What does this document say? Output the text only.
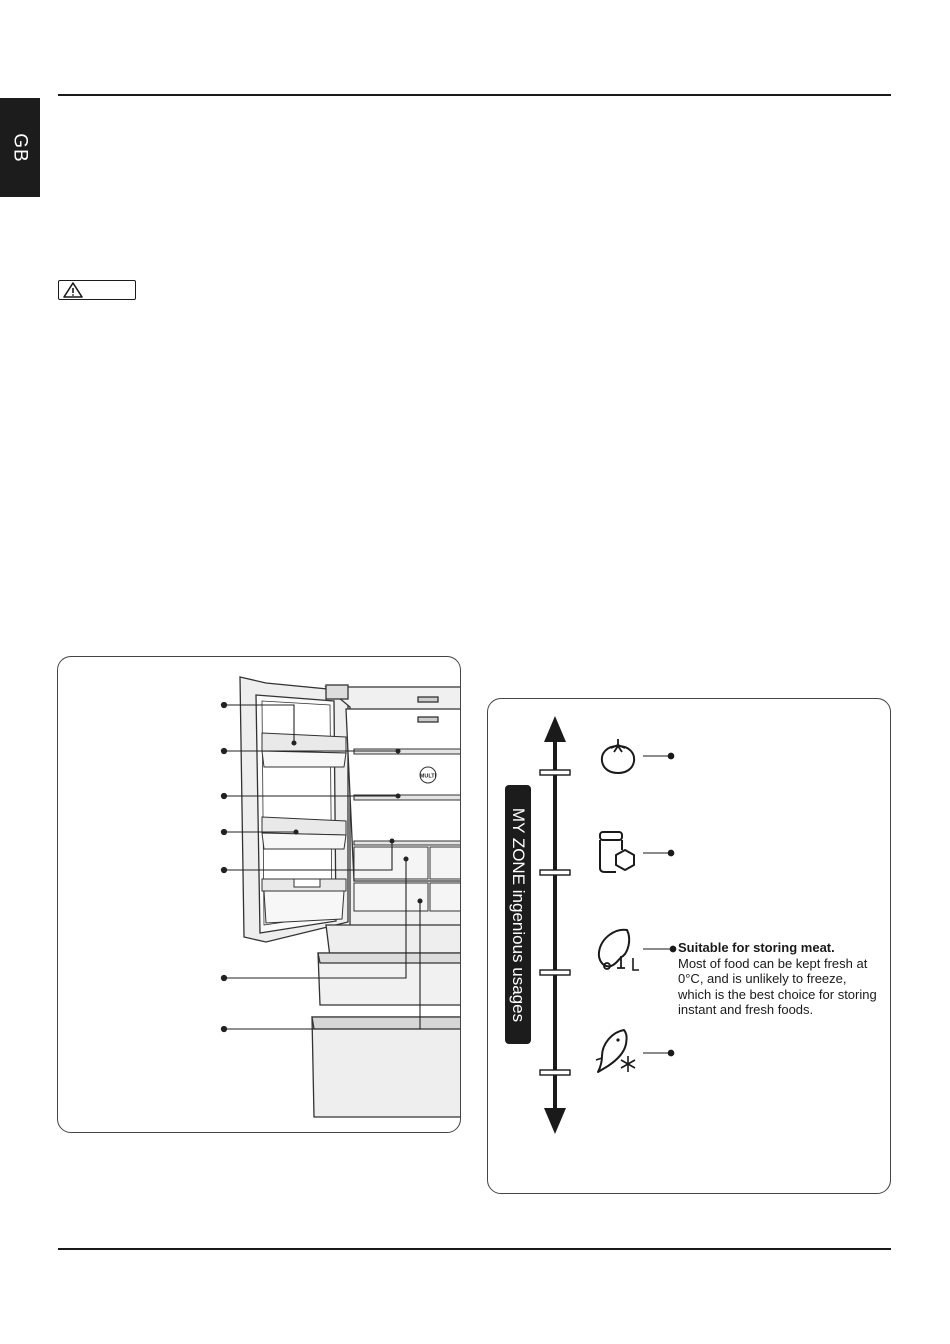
GB
MULTI
MY ZONE ingenious usages	Suitable for storing meat.
Most of food can be kept fresh at 0°C, and is unlikely to freeze, which is the best choice for storing instant and fresh foods.
